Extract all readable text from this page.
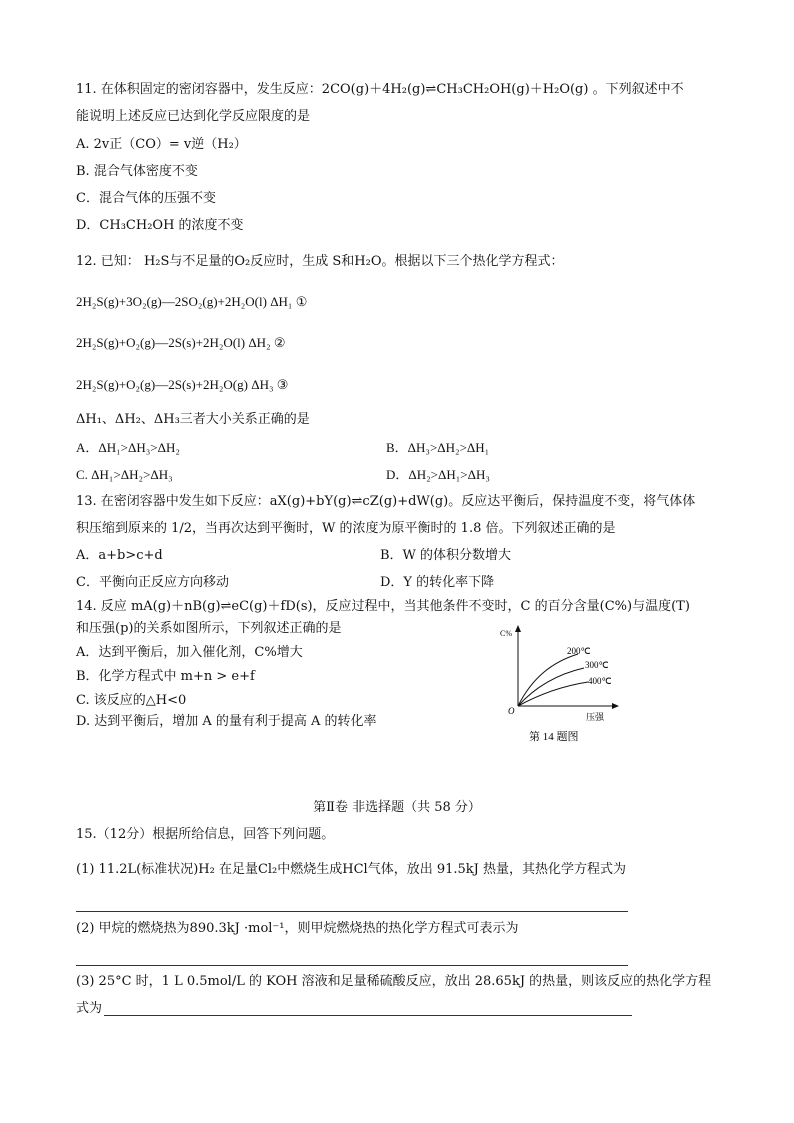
11. 在体积固定的密闭容器中，发生反应：2CO(g)＋4H₂(g)⇌CH₃CH₂OH(g)＋H₂O(g) 。下列叙述中不
能说明上述反应已达到化学反应限度的是
A. 2v正（CO）= v逆（H₂）
B. 混合气体密度不变
C．混合气体的压强不变
D．CH₃CH₂OH 的浓度不变
12. 已知： H₂S与不足量的O₂反应时，生成 S和H₂O。根据以下三个热化学方程式：
2H₂S(g)+3O₂(g)—2SO₂(g)+2H₂O(l) ΔH₁ ①
2H₂S(g)+O₂(g)—2S(s)+2H₂O(l) ΔH₂ ②
2H₂S(g)+O₂(g)—2S(s)+2H₂O(g) ΔH₃ ③
ΔH₁、ΔH₂、ΔH₃三者大小关系正确的是
A．ΔH₁>ΔH₃>ΔH₂	B．ΔH₃>ΔH₂>ΔH₁
C. ΔH₁>ΔH₂>ΔH₃	D．ΔH₂>ΔH₁>ΔH₃
13. 在密闭容器中发生如下反应：aX(g)+bY(g)⇌cZ(g)+dW(g)。反应达平衡后，保持温度不变，将气体体
积压缩到原来的 1/2，当再次达到平衡时，W 的浓度为原平衡时的 1.8 倍。下列叙述正确的是
A．a+b>c+d	B．W 的体积分数增大
C．平衡向正反应方向移动	D．Y 的转化率下降
14. 反应 mA(g)＋nB(g)⇌eC(g)＋fD(s)，反应过程中，当其他条件不变时，C 的百分含量(C%)与温度(T)
和压强(p)的关系如图所示，下列叙述正确的是
A．达到平衡后，加入催化剂，C%增大
B．化学方程式中 m+n > e+f
C. 该反应的△H<0
D. 达到平衡后，增加 A 的量有利于提高 A 的转化率
C%
O
压强
200℃
300℃
400℃
第 14 题图
第Ⅱ卷 非选择题（共 58 分）
15.（12分）根据所给信息，回答下列问题。
(1) 11.2L(标准状况)H₂ 在足量Cl₂中燃烧生成HCl气体，放出 91.5kJ 热量，其热化学方程式为
(2) 甲烷的燃烧热为890.3kJ ·mol⁻¹，则甲烷燃烧热的热化学方程式可表示为
(3) 25°C 时，1 L 0.5mol/L 的 KOH 溶液和足量稀硫酸反应，放出 28.65kJ 的热量，则该反应的热化学方程
式为
